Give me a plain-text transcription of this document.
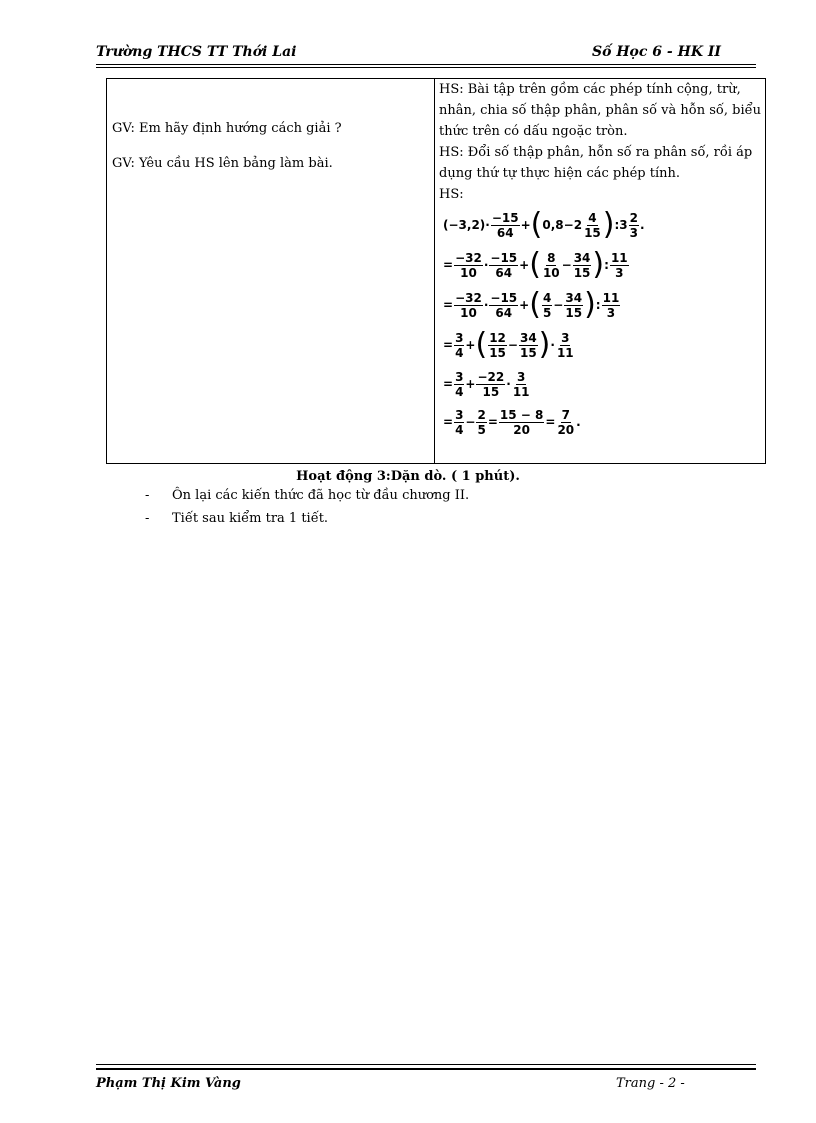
Trường THCS TT Thới Lai	Số Học 6 - HK II
GV: Em hãy định hướng cách giải ?
GV: Yêu cầu HS lên bảng làm bài.

HS: Bài tập trên gồm các phép tính cộng, trừ, nhân, chia số thập phân, phân số và hỗn số, biểu thức trên có dấu ngoặc tròn.
HS: Đổi số thập phân, hỗn số ra phân số, rồi áp dụng thứ tự thực hiện các phép tính.
HS:
(−3,2)· −15
64
+ ( 0,8−2 4
15 ) :3 2
3
.
= $\frac{-32}{10} \cdot -15$
64
+ ( 8
10
− $\frac{34}{15}$ ) : 11
3
= $\frac{-32}{10} \cdot -15$
64
+ ( 4
5
− $\frac{34}{15}$ ) : 11
3
= $\frac{3}{4}$ + ( 12
15
− $\frac{34}{15}$ ) · 3
11
= $\frac{3}{4} + \frac{-22}{15} \cdot 3$
11
= $\frac{3}{4} - \frac{2}{5} = \frac{15 - 8}{20} = \frac{7}{20}$ .
Hoạt động 3:Dặn dò. ( 1 phút).
- Ôn lại các kiến thức đã học từ đầu chương II.
- Tiết sau kiểm tra 1 tiết.
Phạm Thị Kim Vàng	Trang - 2 -
